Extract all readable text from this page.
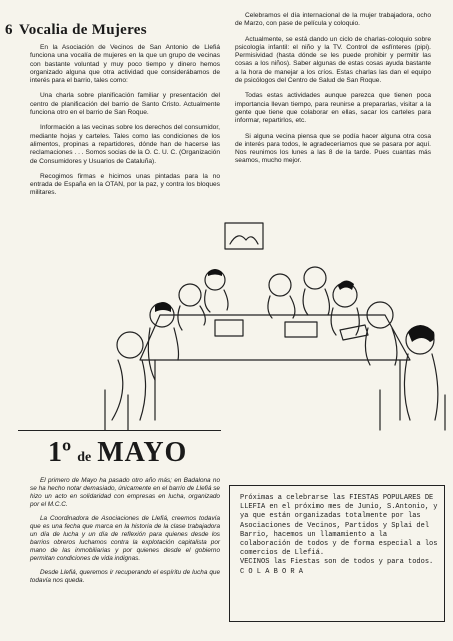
6 Vocalia de Mujeres

En la Asociación de Vecinos de San Antonio de Llefiá funciona una vocalía de mujeres en la que un grupo de vecinas con bastante voluntad y muy poco tiempo y dinero hemos organizado alguna que otra actividad que considerábamos de interés para el barrio, tales como:

Una charla sobre planificación familiar y presentación del centro de planificación del barrio de Santo Cristo. Actualmente funciona otro en el barrio de San Roque.

Información a las vecinas sobre los derechos del consumidor, mediante hojas y carteles. Tales como las condiciones de los alimentos, propinas a repartidores, dónde han de hacerse las reclamaciones . . . Somos socias de la O. C. U. C. (Organización de Consumidores y Usuarios de Cataluña).

Recogimos firmas e hicimos unas pintadas para la no entrada de España en la OTAN, por la paz, y contra los bloques militares.

Celebramos el día internacional de la mujer trabajadora, ocho de Marzo, con pase de película y coloquio.

Actualmente, se está dando un ciclo de charlas-coloquio sobre psicología infantil: el niño y la TV. Control de esfínteres (pipi). Permisividad (hasta dónde se les puede prohibir y permitir las cosas a los niños). Saber algunas de estas cosas ayuda bastante a la hora de manejar a los críos. Estas charlas las dan el equipo de psicólogos del Centro de Salud de San Roque.

Todas estas actividades aunque parezca que tienen poca importancia llevan tiempo, para reunirse a prepararlas, visitar a la gente que tiene que colaborar en ellas, sacar los carteles para informar, repartirlos, etc.

Si alguna vecina piensa que se podía hacer alguna otra cosa de interés para todos, le agradeceríamos que se pasara por aquí. Nos reunimos los lunes a las 8 de la tarde. Pues cuantas más seamos, mucho mejor.

1º de MAYO

El primero de Mayo ha pasado otro año más; en Badalona no se ha hecho notar demasiado, únicamente en el barrio de Llefiá se hizo un acto en solidaridad con empresas en lucha, organizado por el M.C.C.

La Coordinadora de Asociaciones de Llefiá, creemos todavía que es una fecha que marca en la historia de la clase trabajadora un día de lucha y un día de reflexión para quienes desde los barrios obreros luchamos contra la explotación capitalista por mano de las inmobiliarias y por quienes desde el gobierno permitan condiciones de vida indignas.

Desde Llefiá, queremos ir recuperando el espíritu de lucha que todavía nos queda.

Próximas a celebrarse las FIESTAS POPULARES DE LLEFIA en el próximo mes de Junio, S.Antonio, y ya que están organizadas totalmente por las Asociaciones de Vecinos, Partidos y Splai del Barrio, hacemos un llamamiento a la colaboración de todos y de forma especial a los comercios de Llefiá.
VECINOS las Fiestas son de todos y para todos. C O L A B O R A
